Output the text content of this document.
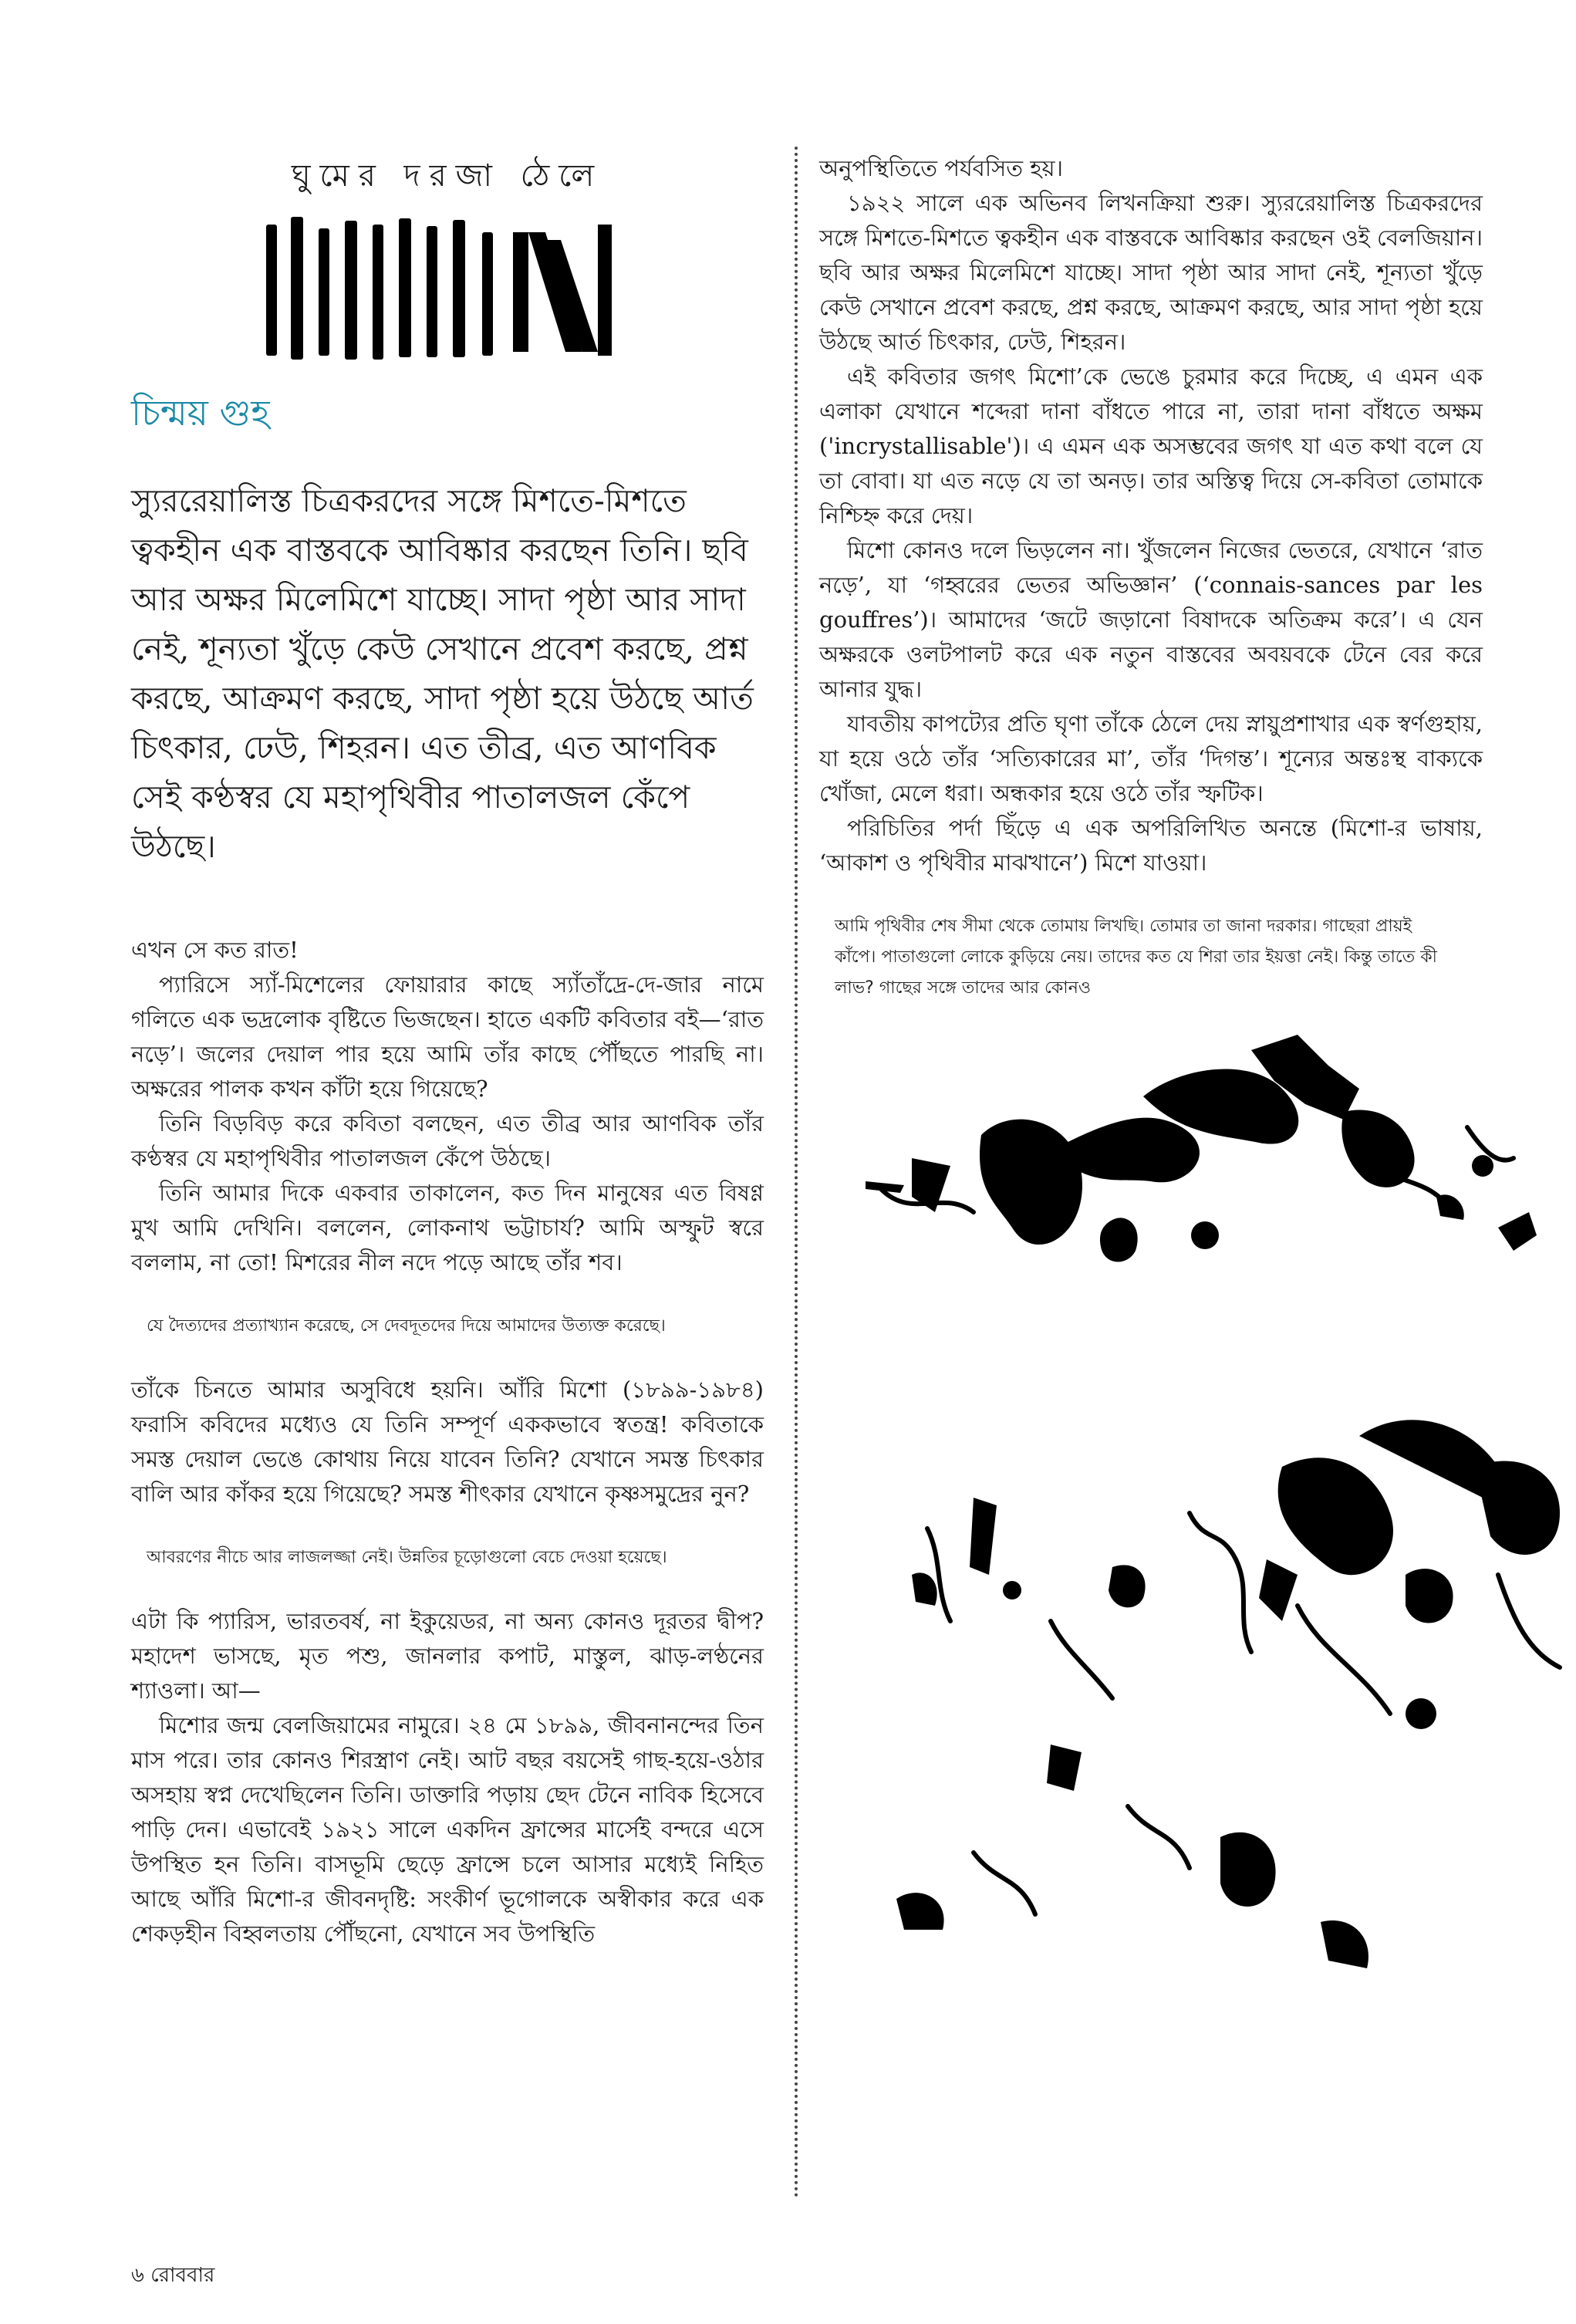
ঘুমের দরজা ঠেলে
চিন্ময় গুহ
স্যুররেয়ালিস্ত চিত্রকরদের সঙ্গে মিশতে-মিশতে ত্বকহীন এক বাস্তবকে আবিষ্কার করছেন তিনি। ছবি আর অক্ষর মিলেমিশে যাচ্ছে। সাদা পৃষ্ঠা আর সাদা নেই, শূন্যতা খুঁড়ে কেউ সেখানে প্রবেশ করছে, প্রশ্ন করছে, আক্রমণ করছে, সাদা পৃষ্ঠা হয়ে উঠছে আর্ত চিৎকার, ঢেউ, শিহরন। এত তীব্র, এত আণবিক সেই কণ্ঠস্বর যে মহাপৃথিবীর পাতালজল কেঁপে উঠছে।

এখন সে কত রাত!

প্যারিসে স্যাঁ-মিশেলের ফোয়ারার কাছে স্যাঁতাঁদ্রে-দে-জার নামে গলিতে এক ভদ্রলোক বৃষ্টিতে ভিজছেন। হাতে একটি কবিতার বই—‘রাত নড়ে’। জলের দেয়াল পার হয়ে আমি তাঁর কাছে পৌঁছতে পারছি না। অক্ষরের পালক কখন কাঁটা হয়ে গিয়েছে?

তিনি বিড়বিড় করে কবিতা বলছেন, এত তীব্র আর আণবিক তাঁর কণ্ঠস্বর যে মহাপৃথিবীর পাতালজল কেঁপে উঠছে।

তিনি আমার দিকে একবার তাকালেন, কত দিন মানুষের এত বিষণ্ণ মুখ আমি দেখিনি। বললেন, লোকনাথ ভট্টাচার্য? আমি অস্ফুট স্বরে বললাম, না তো! মিশরের নীল নদে পড়ে আছে তাঁর শব।

যে দৈত্যদের প্রত্যাখ্যান করেছে, সে দেবদূতদের দিয়ে আমাদের উত্যক্ত করেছে।

তাঁকে চিনতে আমার অসুবিধে হয়নি। আঁরি মিশো (১৮৯৯-১৯৮৪) ফরাসি কবিদের মধ্যেও যে তিনি সম্পূর্ণ এককভাবে স্বতন্ত্র! কবিতাকে সমস্ত দেয়াল ভেঙে কোথায় নিয়ে যাবেন তিনি? যেখানে সমস্ত চিৎকার বালি আর কাঁকর হয়ে গিয়েছে? সমস্ত শীৎকার যেখানে কৃষ্ণসমুদ্রের নুন?

আবরণের নীচে আর লাজলজ্জা নেই। উন্নতির চূড়োগুলো বেচে দেওয়া হয়েছে।

এটা কি প্যারিস, ভারতবর্ষ, না ইকুয়েডর, না অন্য কোনও দূরতর দ্বীপ? মহাদেশ ভাসছে, মৃত পশু, জানলার কপাট, মাস্তুল, ঝাড়-লণ্ঠনের শ্যাওলা। আ—

মিশোর জন্ম বেলজিয়ামের নামুরে। ২৪ মে ১৮৯৯, জীবনানন্দের তিন মাস পরে। তার কোনও শিরস্ত্রাণ নেই। আট বছর বয়সেই গাছ-হয়ে-ওঠার অসহায় স্বপ্ন দেখেছিলেন তিনি। ডাক্তারি পড়ায় ছেদ টেনে নাবিক হিসেবে পাড়ি দেন। এভাবেই ১৯২১ সালে একদিন ফ্রান্সের মার্সেই বন্দরে এসে উপস্থিত হন তিনি। বাসভূমি ছেড়ে ফ্রান্সে চলে আসার মধ্যেই নিহিত আছে আঁরি মিশো-র জীবনদৃষ্টি: সংকীর্ণ ভূগোলকে অস্বীকার করে এক শেকড়হীন বিহ্বলতায় পৌঁছনো, যেখানে সব উপস্থিতি

অনুপস্থিতিতে পর্যবসিত হয়।

১৯২২ সালে এক অভিনব লিখনক্রিয়া শুরু। স্যুররেয়ালিস্ত চিত্রকরদের সঙ্গে মিশতে-মিশতে ত্বকহীন এক বাস্তবকে আবিষ্কার করছেন ওই বেলজিয়ান। ছবি আর অক্ষর মিলেমিশে যাচ্ছে। সাদা পৃষ্ঠা আর সাদা নেই, শূন্যতা খুঁড়ে কেউ সেখানে প্রবেশ করছে, প্রশ্ন করছে, আক্রমণ করছে, আর সাদা পৃষ্ঠা হয়ে উঠছে আর্ত চিৎকার, ঢেউ, শিহরন।

এই কবিতার জগৎ মিশো’কে ভেঙে চুরমার করে দিচ্ছে, এ এমন এক এলাকা যেখানে শব্দেরা দানা বাঁধতে পারে না, তারা দানা বাঁধতে অক্ষম ('incrystallisable')। এ এমন এক অসম্ভবের জগৎ যা এত কথা বলে যে তা বোবা। যা এত নড়ে যে তা অনড়। তার অস্তিত্ব দিয়ে সে-কবিতা তোমাকে নিশ্চিহ্ন করে দেয়।

মিশো কোনও দলে ভিড়লেন না। খুঁজলেন নিজের ভেতরে, যেখানে ‘রাত নড়ে’, যা ‘গহ্বরের ভেতর অভিজ্ঞান’ (‘connais-sances par les gouffres’)। আমাদের ‘জটে জড়ানো বিষাদকে অতিক্রম করে’। এ যেন অক্ষরকে ওলটপালট করে এক নতুন বাস্তবের অবয়বকে টেনে বের করে আনার যুদ্ধ।

যাবতীয় কাপট্যের প্রতি ঘৃণা তাঁকে ঠেলে দেয় স্নায়ুপ্রশাখার এক স্বর্ণগুহায়, যা হয়ে ওঠে তাঁর ‘সত্যিকারের মা’, তাঁর ‘দিগন্ত’। শূন্যের অন্তঃস্থ বাক্যকে খোঁজা, মেলে ধরা। অন্ধকার হয়ে ওঠে তাঁর স্ফটিক।

পরিচিতির পর্দা ছিঁড়ে এ এক অপরিলিখিত অনন্তে (মিশো-র ভাষায়, ‘আকাশ ও পৃথিবীর মাঝখানে’) মিশে যাওয়া।

আমি পৃথিবীর শেষ সীমা থেকে তোমায় লিখছি। তোমার তা জানা দরকার। গাছেরা প্রায়ই কাঁপে। পাতাগুলো লোকে কুড়িয়ে নেয়। তাদের কত যে শিরা তার ইয়ত্তা নেই। কিন্তু তাতে কী লাভ? গাছের সঙ্গে তাদের আর কোনও
৬ রোববার
